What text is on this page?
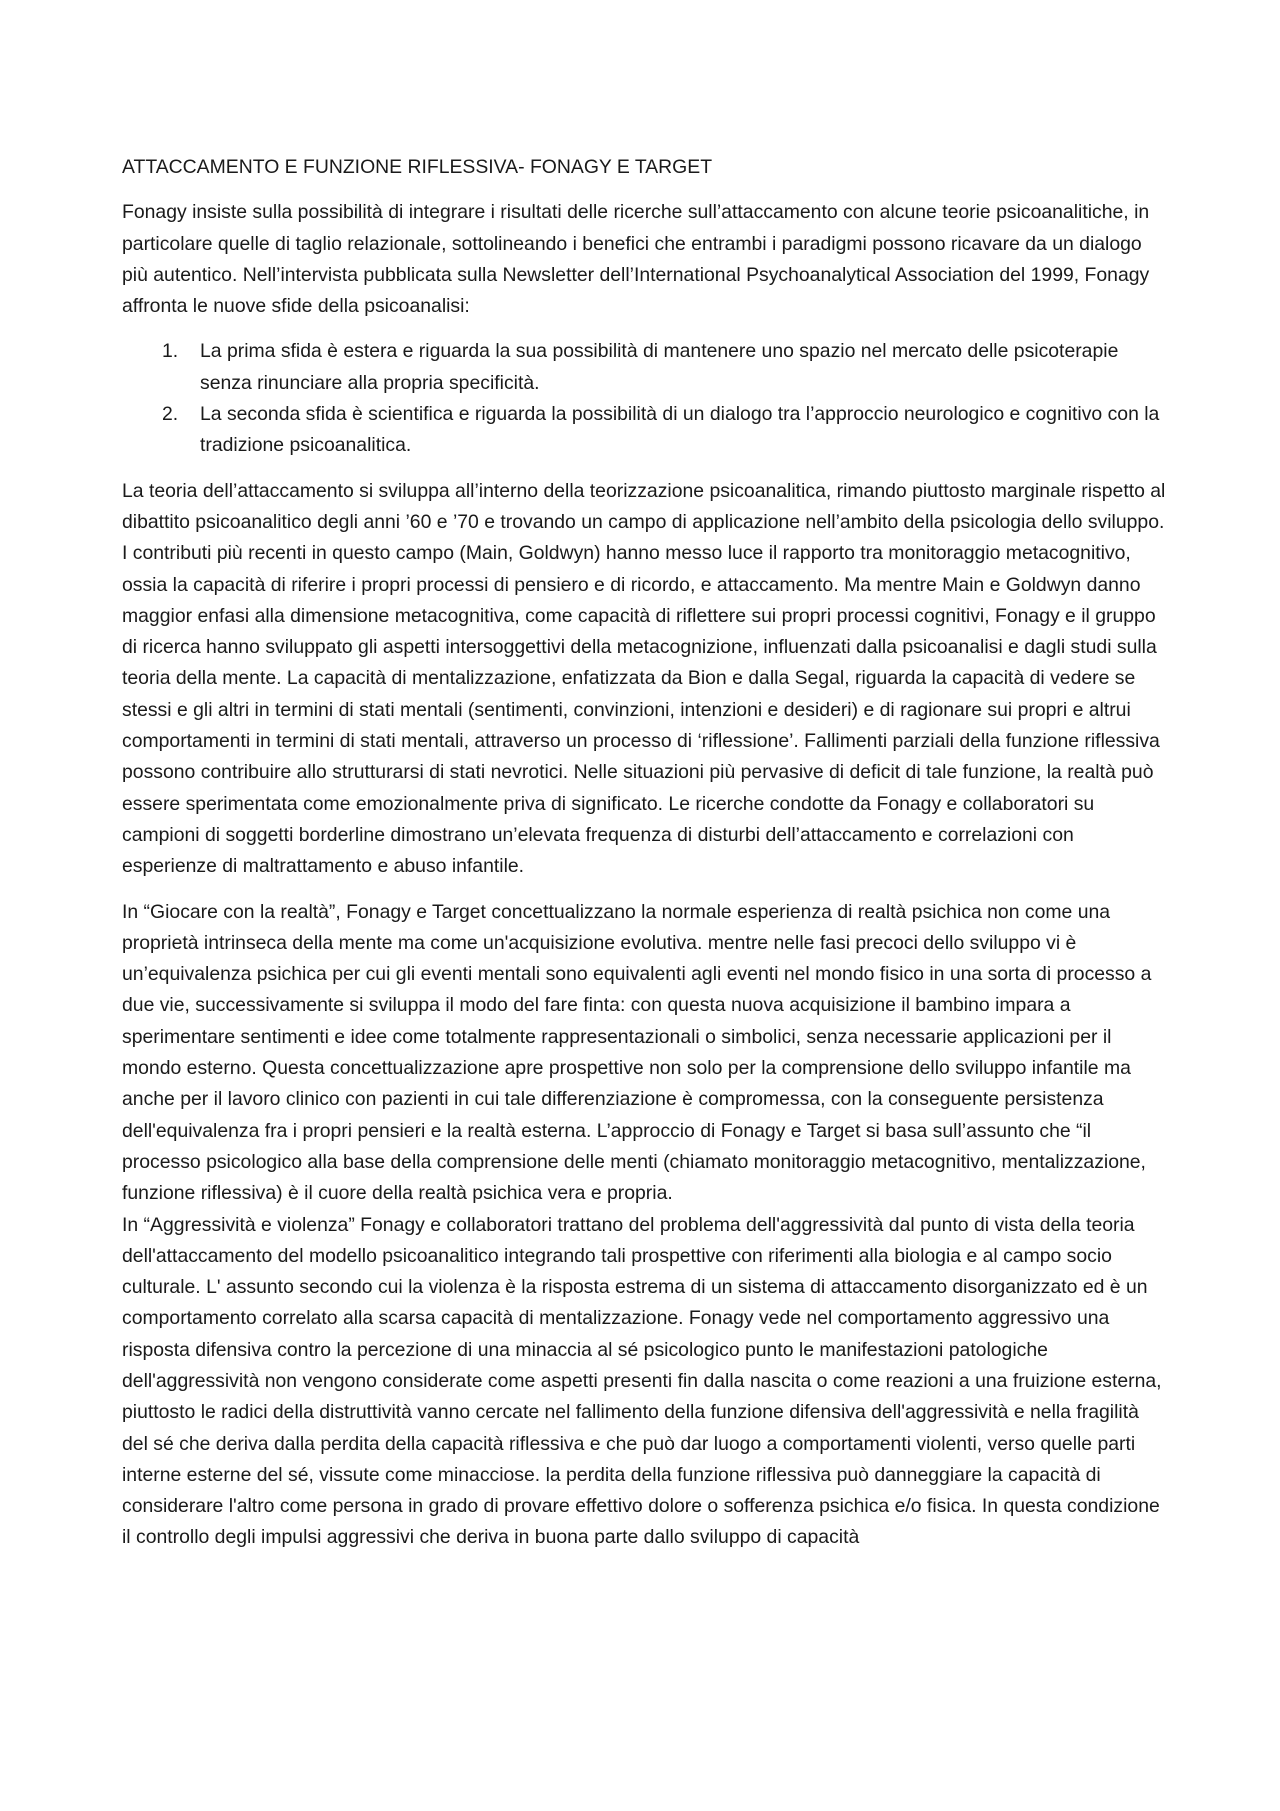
ATTACCAMENTO E FUNZIONE RIFLESSIVA- FONAGY E TARGET

Fonagy insiste sulla possibilità di integrare i risultati delle ricerche sull’attaccamento con alcune teorie psicoanalitiche, in particolare quelle di taglio relazionale, sottolineando i benefici che entrambi i paradigmi possono ricavare da un dialogo più autentico. Nell’intervista pubblicata sulla Newsletter dell’International Psychoanalytical Association del 1999, Fonagy affronta le nuove sfide della psicoanalisi:

1. La prima sfida è estera e riguarda la sua possibilità di mantenere uno spazio nel mercato delle psicoterapie senza rinunciare alla propria specificità.
2. La seconda sfida è scientifica e riguarda la possibilità di un dialogo tra l’approccio neurologico e cognitivo con la tradizione psicoanalitica.

La teoria dell’attaccamento si sviluppa all’interno della teorizzazione psicoanalitica, rimando piuttosto marginale rispetto al dibattito psicoanalitico degli anni ’60 e ’70 e trovando un campo di applicazione nell’ambito della psicologia dello sviluppo. I contributi più recenti in questo campo (Main, Goldwyn) hanno messo luce il rapporto tra monitoraggio metacognitivo, ossia la capacità di riferire i propri processi di pensiero e di ricordo, e attaccamento. Ma mentre Main e Goldwyn danno maggior enfasi alla dimensione metacognitiva, come capacità di riflettere sui propri processi cognitivi, Fonagy e il gruppo di ricerca hanno sviluppato gli aspetti intersoggettivi della metacognizione, influenzati dalla psicoanalisi e dagli studi sulla teoria della mente. La capacità di mentalizzazione, enfatizzata da Bion e dalla Segal, riguarda la capacità di vedere se stessi e gli altri in termini di stati mentali (sentimenti, convinzioni, intenzioni e desideri) e di ragionare sui propri e altrui comportamenti in termini di stati mentali, attraverso un processo di ‘riflessione’. Fallimenti parziali della funzione riflessiva possono contribuire allo strutturarsi di stati nevrotici. Nelle situazioni più pervasive di deficit di tale funzione, la realtà può essere sperimentata come emozionalmente priva di significato. Le ricerche condotte da Fonagy e collaboratori su campioni di soggetti borderline dimostrano un’elevata frequenza di disturbi dell’attaccamento e correlazioni con esperienze di maltrattamento e abuso infantile.

In “Giocare con la realtà”, Fonagy e Target concettualizzano la normale esperienza di realtà psichica non come una proprietà intrinseca della mente ma come un'acquisizione evolutiva. mentre nelle fasi precoci dello sviluppo vi è un’equivalenza psichica per cui gli eventi mentali sono equivalenti agli eventi nel mondo fisico in una sorta di processo a due vie, successivamente si sviluppa il modo del fare finta: con questa nuova acquisizione il bambino impara a sperimentare sentimenti e idee come totalmente rappresentazionali o simbolici, senza necessarie applicazioni per il mondo esterno. Questa concettualizzazione apre prospettive non solo per la comprensione dello sviluppo infantile ma anche per il lavoro clinico con pazienti in cui tale differenziazione è compromessa, con la conseguente persistenza dell'equivalenza fra i propri pensieri e la realtà esterna. L’approccio di Fonagy e Target si basa sull’assunto che “il processo psicologico alla base della comprensione delle menti (chiamato monitoraggio metacognitivo, mentalizzazione, funzione riflessiva) è il cuore della realtà psichica vera e propria.

In “Aggressività e violenza” Fonagy e collaboratori trattano del problema dell'aggressività dal punto di vista della teoria dell'attaccamento del modello psicoanalitico integrando tali prospettive con riferimenti alla biologia e al campo socio culturale. L' assunto secondo cui la violenza è la risposta estrema di un sistema di attaccamento disorganizzato ed è un comportamento correlato alla scarsa capacità di mentalizzazione. Fonagy vede nel comportamento aggressivo una risposta difensiva contro la percezione di una minaccia al sé psicologico punto le manifestazioni patologiche dell'aggressività non vengono considerate come aspetti presenti fin dalla nascita o come reazioni a una fruizione esterna, piuttosto le radici della distruttività vanno cercate nel fallimento della funzione difensiva dell'aggressività e nella fragilità del sé che deriva dalla perdita della capacità riflessiva e che può dar luogo a comportamenti violenti, verso quelle parti interne esterne del sé, vissute come minacciose. la perdita della funzione riflessiva può danneggiare la capacità di considerare l'altro come persona in grado di provare effettivo dolore o sofferenza psichica e/o fisica. In questa condizione il controllo degli impulsi aggressivi che deriva in buona parte dallo sviluppo di capacità
